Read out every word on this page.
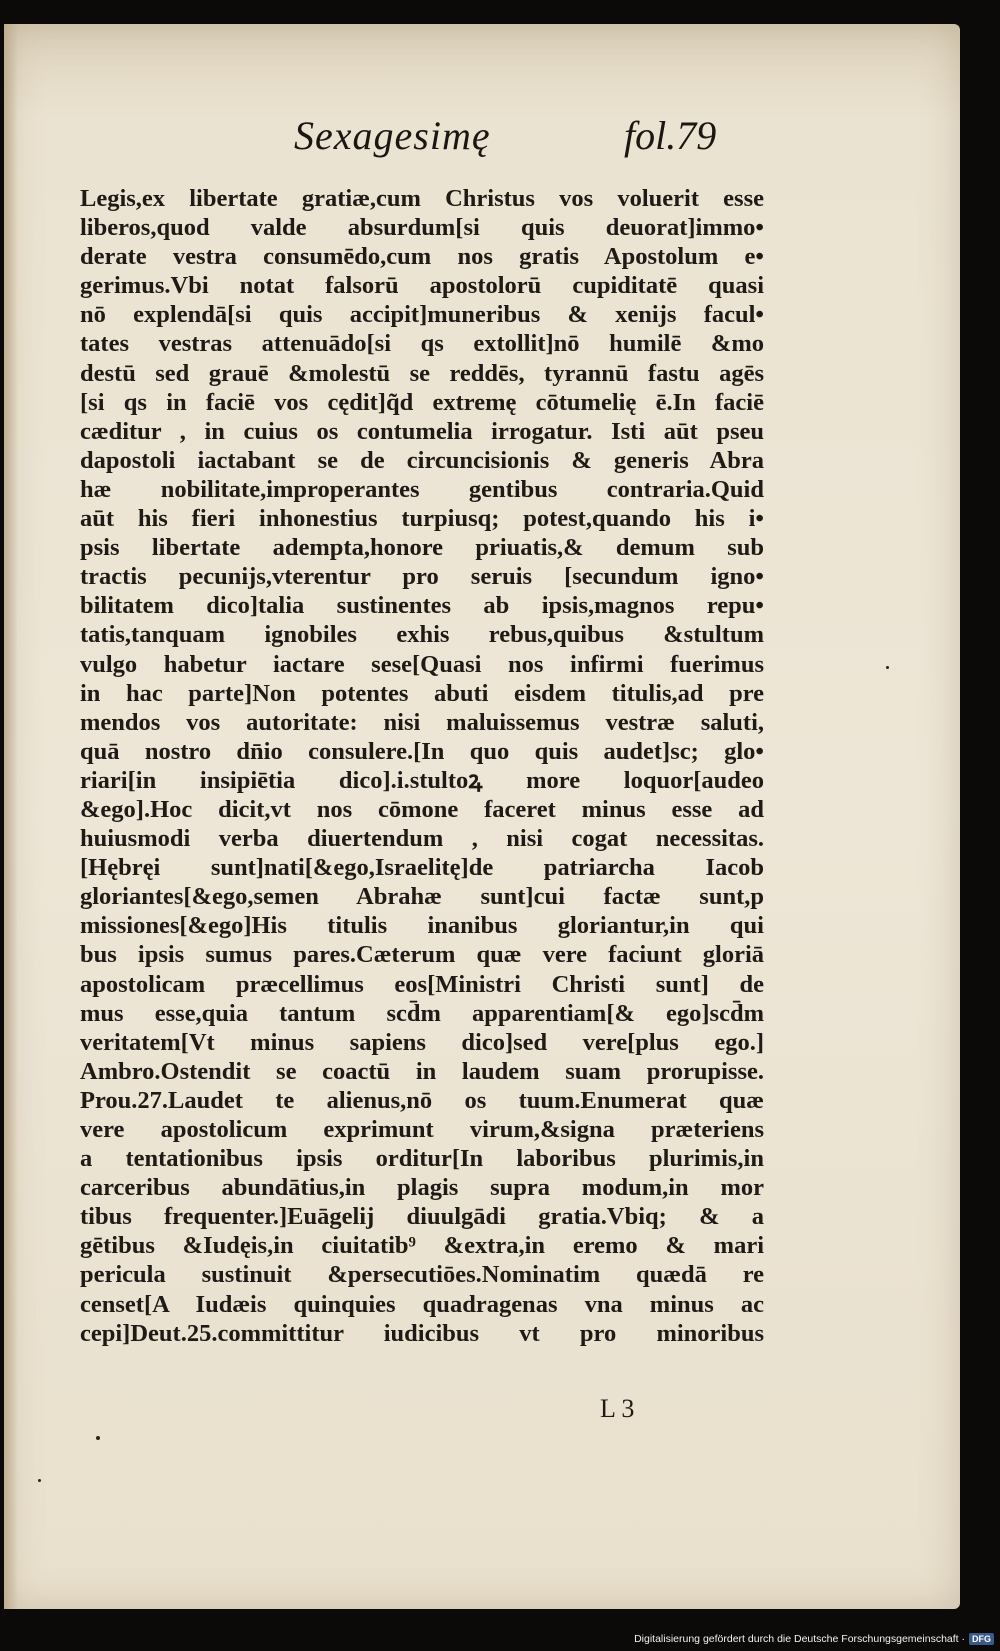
Sexagesimę	fol.79
Legis,ex libertate gratiæ,cum Christus vos voluerit esse
liberos,quod valde absurdum[si quis deuorat]immo•
derate vestra consumēdo,cum nos gratis Apostolum e•
gerimus.Vbi notat falsorū apostolorū cupiditatē quasi
nō explendā[si quis accipit]muneribus & xenijs facul•
tates vestras attenuādo[si qs extollit]nō humilē &mo
destū sed grauē &molestū se reddēs, tyrannū fastu agēs
[si qs in faciē vos cędit]q̃d extremę cōtumelię ē.In faciē
cæditur , in cuius os contumelia irrogatur. Isti aūt pseu
dapostoli iactabant se de circuncisionis & generis Abra
hæ nobilitate,improperantes gentibus contraria.Quid
aūt his fieri inhonestius turpiusq; potest,quando his i•
psis libertate adempta,honore priuatis,& demum sub
tractis pecunijs,vterentur pro seruis [secundum igno•
bilitatem dico]talia sustinentes ab ipsis,magnos repu•
tatis,tanquam ignobiles exhis rebus,quibus &stultum
vulgo habetur iactare sese[Quasi nos infirmi fuerimus
in hac parte]Non potentes abuti eisdem titulis,ad pre
mendos vos autoritate: nisi maluissemus vestræ saluti,
quā nostro dn̄io consulere.[In quo quis audet]sc; glo•
riari[in insipiētia dico].i.stultoꝝ more loquor[audeo
&ego].Hoc dicit,vt nos cōmone faceret minus esse ad
huiusmodi verba diuertendum , nisi cogat necessitas.
[Hębręi sunt]nati[&ego,Israelitę]de patriarcha Iacob
gloriantes[&ego,semen Abrahæ sunt]cui factæ sunt,p
missiones[&ego]His titulis inanibus gloriantur,in qui
bus ipsis sumus pares.Cæterum quæ vere faciunt gloriā
apostolicam præcellimus eos[Ministri Christi sunt] de
mus esse,quia tantum scd̄m apparentiam[& ego]scd̄m
veritatem[Vt minus sapiens dico]sed vere[plus ego.]
Ambro.Ostendit se coactū in laudem suam prorupisse.
Prou.27.Laudet te alienus,nō os tuum.Enumerat quæ
vere apostolicum exprimunt virum,&signa præteriens
a tentationibus ipsis orditur[In laboribus plurimis,in
carceribus abundātius,in plagis supra modum,in mor
tibus frequenter.]Euāgelij diuulgādi gratia.Vbiq; & a
gētibus &Iudęis,in ciuitatib⁹ &extra,in eremo & mari
pericula sustinuit &persecutiōes.Nominatim quædā re
censet[A Iudæis quinquies quadragenas vna minus ac
cepi]Deut.25.committitur iudicibus vt pro minoribus
L 3
Digitalisierung gefördert durch die Deutsche Forschungsgemeinschaft · DFG
